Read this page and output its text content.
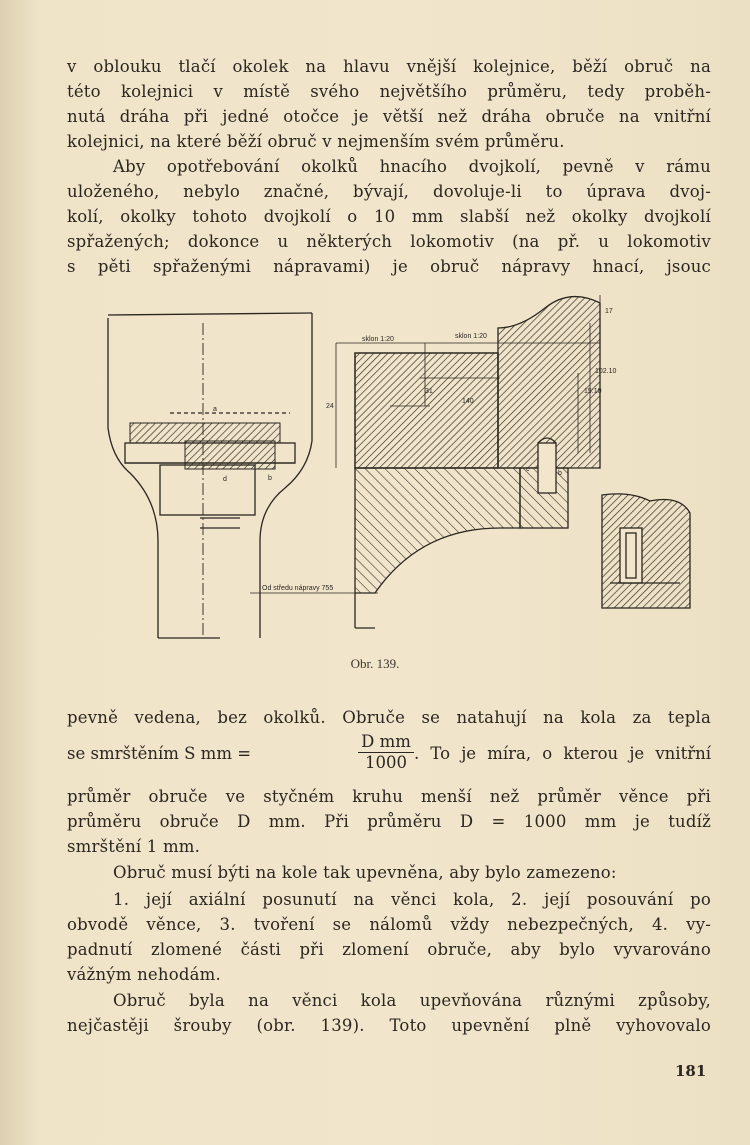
v oblouku tlačí okolek na hlavu vnější kolejnice, běží obruč na
této kolejnici v místě svého největšího průměru, tedy proběh-
nutá dráha při jedné otočce je větší než dráha obruče na vnitřní
kolejnici, na které běží obruč v nejmenším svém průměru.
Aby opotřebování okolků hnacího dvojkolí, pevně v rámu
uloženého, nebylo značné, bývají, dovoluje-li to úprava dvoj-
kolí, okolky tohoto dvojkolí o 10 mm slabší než okolky dvojkolí
spřažených; dokonce u některých lokomotiv (na př. u lokomotiv
s pěti spřaženými nápravami) je obruč nápravy hnací, jsouc
sklon 1:20	sklon 1:20
a
b
b
c
d
140
31
17
15:10
102.10
24
Od středu nápravy 755
Obr. 139.
pevně vedena, bez okolků. Obruče se natahují na kola za tepla
se smrštěním S mm =
D mm
1000 . To je míra, o kterou je vnitřní
průměr obruče ve styčném kruhu menší než průměr věnce při
průměru obruče D mm. Při průměru D = 1000 mm je tudíž
smrštění 1 mm.
Obruč musí býti na kole tak upevněna, aby bylo zamezeno:
1. její axiální posunutí na věnci kola, 2. její posouvání po
obvodě věnce, 3. tvoření se nálomů vždy nebezpečných, 4. vy-
padnutí zlomené části při zlomení obruče, aby bylo vyvarováno
vážným nehodám.
Obruč byla na věnci kola upevňována různými způsoby,
nejčastěji šrouby (obr. 139). Toto upevnění plně vyhovovalo
181
